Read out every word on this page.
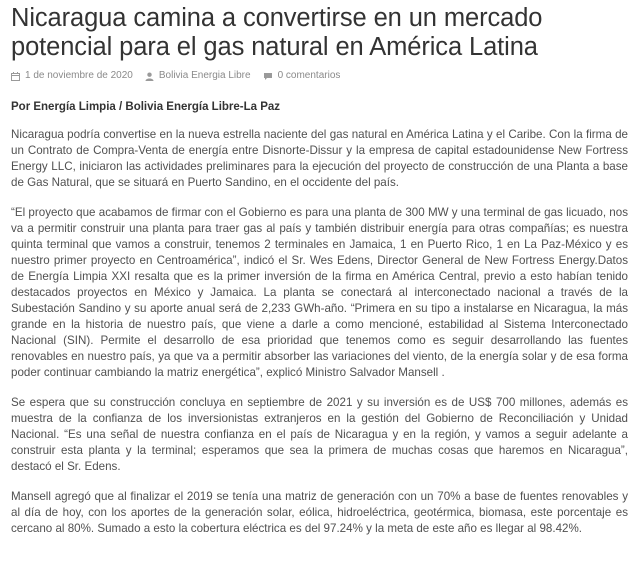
Nicaragua camina a convertirse en un mercado potencial para el gas natural en América Latina
1 de noviembre de 2020	Bolivia Energia Libre	0 comentarios
Por Energía Limpia / Bolivia Energía Libre-La Paz

Nicaragua podría convertise en la nueva estrella naciente del gas natural en América Latina y el Caribe. Con la firma de un Contrato de Compra-Venta de energía entre Disnorte-Dissur y la empresa de capital estadounidense New Fortress Energy LLC, iniciaron las actividades preliminares para la ejecución del proyecto de construcción de una Planta a base de Gas Natural, que se situará en Puerto Sandino, en el occidente del país.

“El proyecto que acabamos de firmar con el Gobierno es para una planta de 300 MW y una terminal de gas licuado, nos va a permitir construir una planta para traer gas al país y también distribuir energía para otras compañías; es nuestra quinta terminal que vamos a construir, tenemos 2 terminales en Jamaica, 1 en Puerto Rico, 1 en La Paz-México y es nuestro primer proyecto en Centroamérica”, indicó el Sr. Wes Edens, Director General de New Fortress Energy.Datos de Energía Limpia XXI resalta que es la primer inversión de la firma en América Central, previo a esto habían tenido destacados proyectos en México y Jamaica. La planta se conectará al interconectado nacional a través de la Subestación Sandino y su aporte anual será de 2,233 GWh-año. “Primera en su tipo a instalarse en Nicaragua, la más grande en la historia de nuestro país, que viene a darle a como mencioné, estabilidad al Sistema Interconectado Nacional (SIN). Permite el desarrollo de esa prioridad que tenemos como es seguir desarrollando las fuentes renovables en nuestro país, ya que va a permitir absorber las variaciones del viento, de la energía solar y de esa forma poder continuar cambiando la matriz energética”, explicó Ministro Salvador Mansell .

Se espera que su construcción concluya en septiembre de 2021 y su inversión es de US$ 700 millones, además es muestra de la confianza de los inversionistas extranjeros en la gestión del Gobierno de Reconciliación y Unidad Nacional. “Es una señal de nuestra confianza en el país de Nicaragua y en la región, y vamos a seguir adelante a construir esta planta y la terminal; esperamos que sea la primera de muchas cosas que haremos en Nicaragua”, destacó el Sr. Edens.

Mansell agregó que al finalizar el 2019 se tenía una matriz de generación con un 70% a base de fuentes renovables y al día de hoy, con los aportes de la generación solar, eólica, hidroeléctrica, geotérmica, biomasa, este porcentaje es cercano al 80%. Sumado a esto la cobertura eléctrica es del 97.24% y la meta de este año es llegar al 98.42%.
